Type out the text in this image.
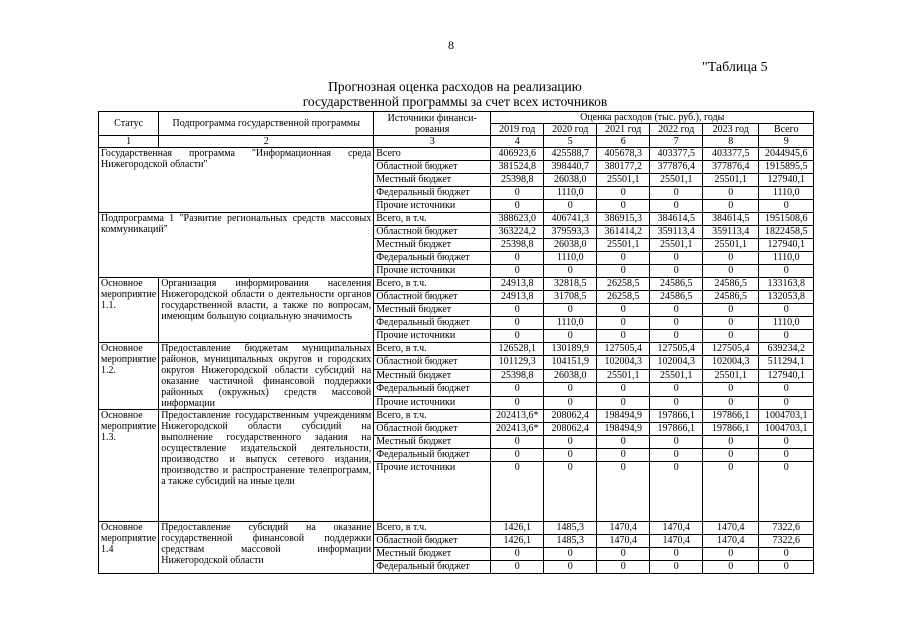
8
"Таблица 5
Прогнозная оценка расходов на реализацию
государственной программы за счет всех источников
Статус	Подпрограмма государственной программы	Источники финанси-рования	Оценка расходов (тыс. руб.), годы					
			2019 год	2020 год	2021 год	2022 год	2023 год	Всего
1	2	3	4	5	6	7	8	9
Государственная программа "Информационная среда Нижегородской области"		Всего	406923,6	425588,7	405678,3	403377,5	403377,5	2044945,6
		Областной бюджет	381524,8	398440,7	380177,2	377876,4	377876,4	1915895,5
		Местный бюджет	25398,8	26038,0	25501,1	25501,1	25501,1	127940,1
		Федеральный бюджет	0	1110,0	0	0	0	1110,0
		Прочие источники	0	0	0	0	0	0
Подпрограмма 1 "Развитие региональных средств массовых коммуникаций"		Всего, в т.ч.	388623,0	406741,3	386915,3	384614,5	384614,5	1951508,6
		Областной бюджет	363224,2	379593,3	361414,2	359113,4	359113,4	1822458,5
		Местный бюджет	25398,8	26038,0	25501,1	25501,1	25501,1	127940,1
		Федеральный бюджет	0	1110,0	0	0	0	1110,0
		Прочие источники	0	0	0	0	0	0
Основное мероприятие 1.1.	Организация информирования населения Нижегородской области о деятельности органов государственной власти, а также по вопросам, имеющим большую социальную значимость	Всего, в т.ч.	24913,8	32818,5	26258,5	24586,5	24586,5	133163,8
		Областной бюджет	24913,8	31708,5	26258,5	24586,5	24586,5	132053,8
		Местный бюджет	0	0	0	0	0	0
		Федеральный бюджет	0	1110,0	0	0	0	1110,0
		Прочие источники	0	0	0	0	0	0
Основное мероприятие 1.2.	Предоставление бюджетам муниципальных районов, муниципальных округов и городских округов Нижегородской области субсидий на оказание частичной финансовой поддержки районных (окружных) средств массовой информации	Всего, в т.ч.	126528,1	130189,9	127505,4	127505,4	127505,4	639234,2
		Областной бюджет	101129,3	104151,9	102004,3	102004,3	102004,3	511294,1
		Местный бюджет	25398,8	26038,0	25501,1	25501,1	25501,1	127940,1
		Федеральный бюджет	0	0	0	0	0	0
		Прочие источники	0	0	0	0	0	0
Основное мероприятие 1.3.	Предоставление государственным учреждениям Нижегородской области субсидий на выполнение государственного задания на осуществление издательской деятельности, производство и выпуск сетевого издания, производство и распространение телепрограмм, а также субсидий на иные цели	Всего, в т.ч.	202413,6*	208062,4	198494,9	197866,1	197866,1	1004703,1
		Областной бюджет	202413,6*	208062,4	198494,9	197866,1	197866,1	1004703,1
		Местный бюджет	0	0	0	0	0	0
		Федеральный бюджет	0	0	0	0	0	0
		Прочие источники	0	0	0	0	0	0
Основное мероприятие 1.4	Предоставление субсидий на оказание государственной финансовой поддержки средствам массовой информации Нижегородской области	Всего, в т.ч.	1426,1	1485,3	1470,4	1470,4	1470,4	7322,6
		Областной бюджет	1426,1	1485,3	1470,4	1470,4	1470,4	7322,6
		Местный бюджет	0	0	0	0	0	0
		Федеральный бюджет	0	0	0	0	0	0
